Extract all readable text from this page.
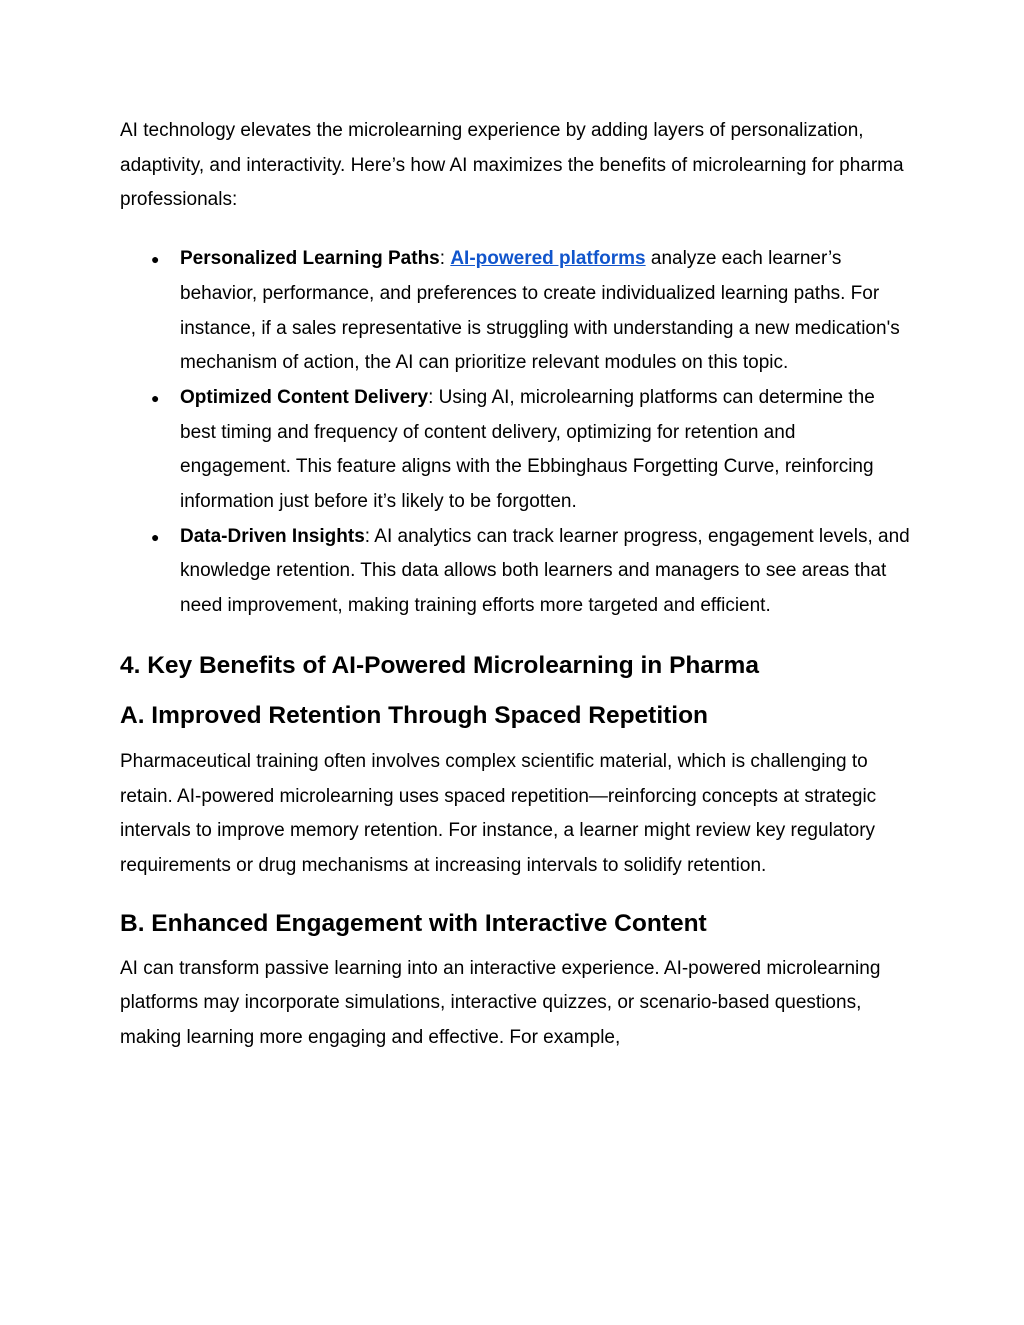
AI technology elevates the microlearning experience by adding layers of personalization, adaptivity, and interactivity. Here’s how AI maximizes the benefits of microlearning for pharma professionals:

● Personalized Learning Paths: AI-powered platforms analyze each learner’s behavior, performance, and preferences to create individualized learning paths. For instance, if a sales representative is struggling with understanding a new medication's mechanism of action, the AI can prioritize relevant modules on this topic.
● Optimized Content Delivery: Using AI, microlearning platforms can determine the best timing and frequency of content delivery, optimizing for retention and engagement. This feature aligns with the Ebbinghaus Forgetting Curve, reinforcing information just before it’s likely to be forgotten.
● Data-Driven Insights: AI analytics can track learner progress, engagement levels, and knowledge retention. This data allows both learners and managers to see areas that need improvement, making training efforts more targeted and efficient.
4. Key Benefits of AI-Powered Microlearning in Pharma
A. Improved Retention Through Spaced Repetition

Pharmaceutical training often involves complex scientific material, which is challenging to retain. AI-powered microlearning uses spaced repetition—reinforcing concepts at strategic intervals to improve memory retention. For instance, a learner might review key regulatory requirements or drug mechanisms at increasing intervals to solidify retention.

B. Enhanced Engagement with Interactive Content

AI can transform passive learning into an interactive experience. AI-powered microlearning platforms may incorporate simulations, interactive quizzes, or scenario-based questions, making learning more engaging and effective. For example,
